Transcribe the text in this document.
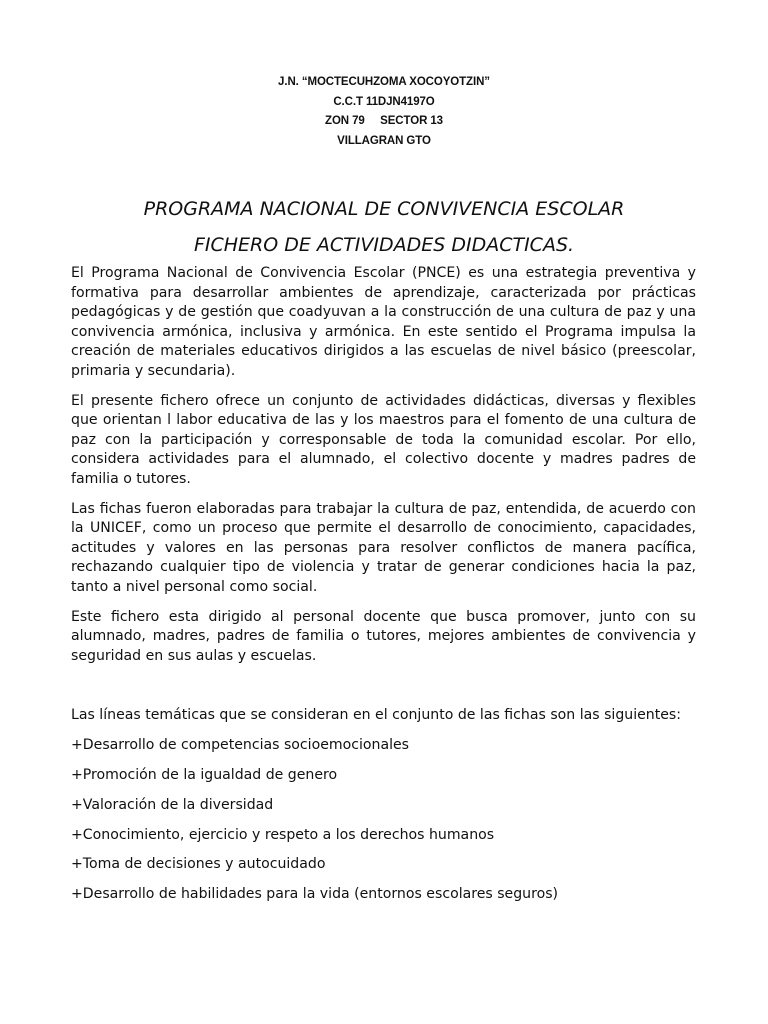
J.N. “MOCTECUHZOMA XOCOYOTZIN”
C.C.T 11DJN4197O
ZON 79     SECTOR 13
VILLAGRAN GTO
PROGRAMA NACIONAL DE CONVIVENCIA ESCOLAR
FICHERO DE ACTIVIDADES DIDACTICAS.

El Programa Nacional de Convivencia Escolar (PNCE) es una estrategia preventiva y formativa para desarrollar ambientes de aprendizaje, caracterizada por prácticas pedagógicas y de gestión que coadyuvan a la construcción de una cultura de paz y una convivencia armónica, inclusiva y armónica. En este sentido el Programa impulsa la creación de materiales educativos dirigidos a las escuelas de nivel básico (preescolar, primaria y secundaria).

El presente fichero ofrece un conjunto de actividades didácticas, diversas y flexibles que orientan l labor educativa de las y los maestros para el fomento de una cultura de paz con la participación y corresponsable de toda la comunidad escolar. Por ello, considera actividades para el alumnado, el colectivo docente y madres padres de familia o tutores.

Las fichas fueron elaboradas para trabajar la cultura de paz, entendida, de acuerdo con la UNICEF, como un proceso que permite el desarrollo de conocimiento, capacidades, actitudes y valores en las personas para resolver conflictos de manera pacífica, rechazando cualquier tipo de violencia y tratar de generar condiciones hacia la paz, tanto a nivel personal como social.

Este fichero esta dirigido al personal docente que busca promover, junto con su alumnado, madres, padres de familia o tutores, mejores ambientes de convivencia y seguridad en sus aulas y escuelas.

Las líneas temáticas que se consideran en el conjunto de las fichas son las siguientes:

+Desarrollo de competencias socioemocionales
+Promoción de la igualdad de genero
+Valoración de la diversidad
+Conocimiento, ejercicio y respeto a los derechos humanos
+Toma de decisiones y autocuidado
+Desarrollo de habilidades para la vida (entornos escolares seguros)
